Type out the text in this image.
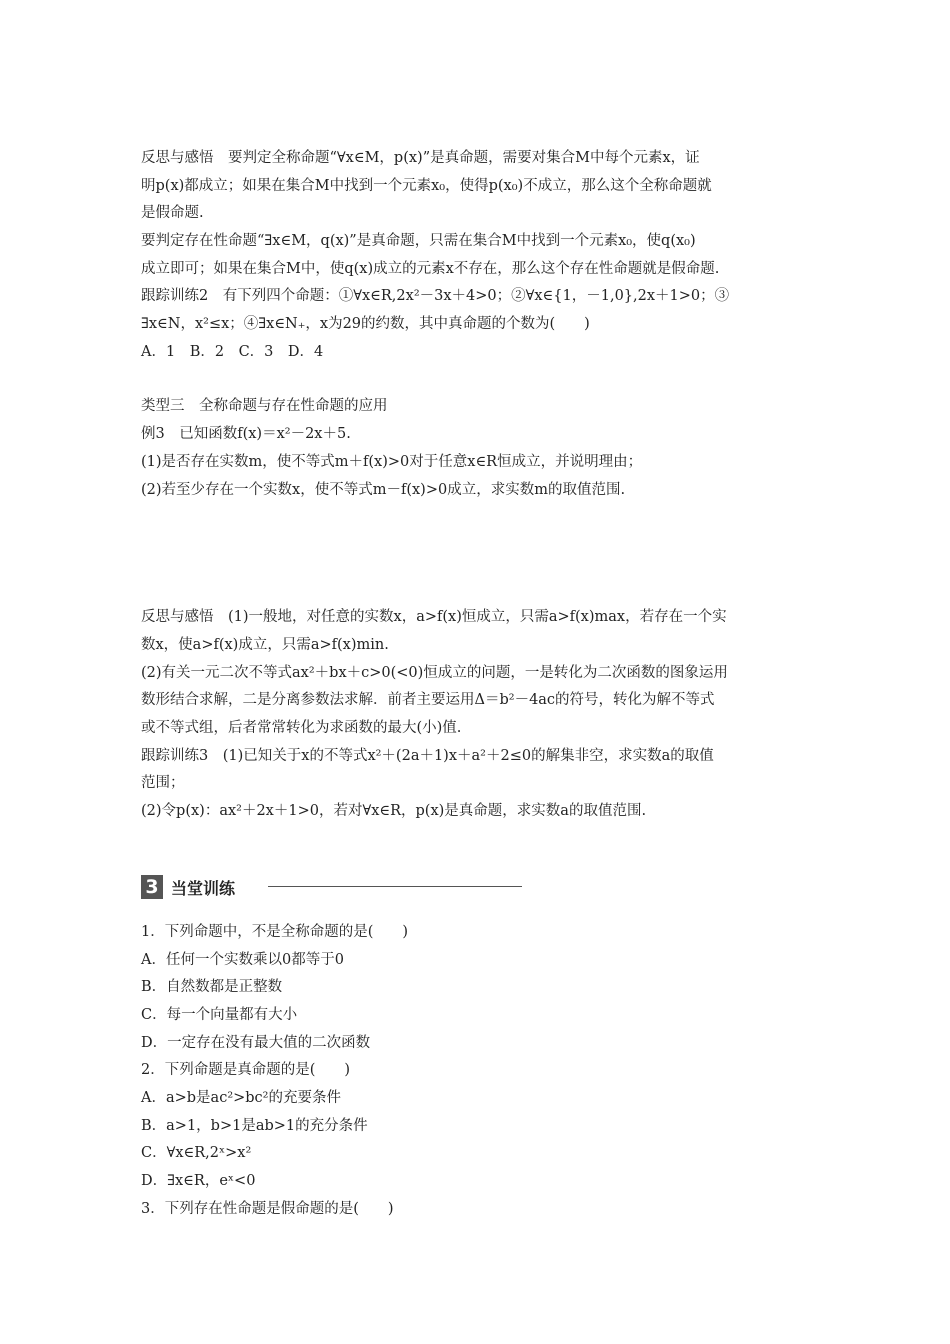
反思与感悟　要判定全称命题“∀x∈M，p(x)”是真命题，需要对集合M中每个元素x，证
明p(x)都成立；如果在集合M中找到一个元素x₀，使得p(x₀)不成立，那么这个全称命题就
是假命题.
要判定存在性命题“∃x∈M，q(x)”是真命题，只需在集合M中找到一个元素x₀，使q(x₀)
成立即可；如果在集合M中，使q(x)成立的元素x不存在，那么这个存在性命题就是假命题.
跟踪训练2　有下列四个命题：①∀x∈R,2x²－3x＋4>0；②∀x∈{1，－1,0},2x＋1>0；③
∃x∈N，x²≤x；④∃x∈N₊，x为29的约数，其中真命题的个数为(　　)
A．1　B．2　C．3　D．4
类型三　全称命题与存在性命题的应用
例3　已知函数f(x)＝x²－2x＋5.
(1)是否存在实数m，使不等式m＋f(x)>0对于任意x∈R恒成立，并说明理由；
(2)若至少存在一个实数x，使不等式m－f(x)>0成立，求实数m的取值范围.
反思与感悟　(1)一般地，对任意的实数x，a>f(x)恒成立，只需a>f(x)max，若存在一个实
数x，使a>f(x)成立，只需a>f(x)min.
(2)有关一元二次不等式ax²＋bx＋c>0(<0)恒成立的问题，一是转化为二次函数的图象运用
数形结合求解，二是分离参数法求解．前者主要运用Δ＝b²－4ac的符号，转化为解不等式
或不等式组，后者常常转化为求函数的最大(小)值.
跟踪训练3　(1)已知关于x的不等式x²＋(2a＋1)x＋a²＋2≤0的解集非空，求实数a的取值
范围；
(2)令p(x)：ax²＋2x＋1>0，若对∀x∈R，p(x)是真命题，求实数a的取值范围.
3 当堂训练
1．下列命题中，不是全称命题的是(　　)
A．任何一个实数乘以0都等于0
B．自然数都是正整数
C．每一个向量都有大小
D．一定存在没有最大值的二次函数
2．下列命题是真命题的是(　　)
A．a>b是ac²>bc²的充要条件
B．a>1，b>1是ab>1的充分条件
C．∀x∈R,2ˣ>x²
D．∃x∈R，eˣ<0
3．下列存在性命题是假命题的是(　　)
